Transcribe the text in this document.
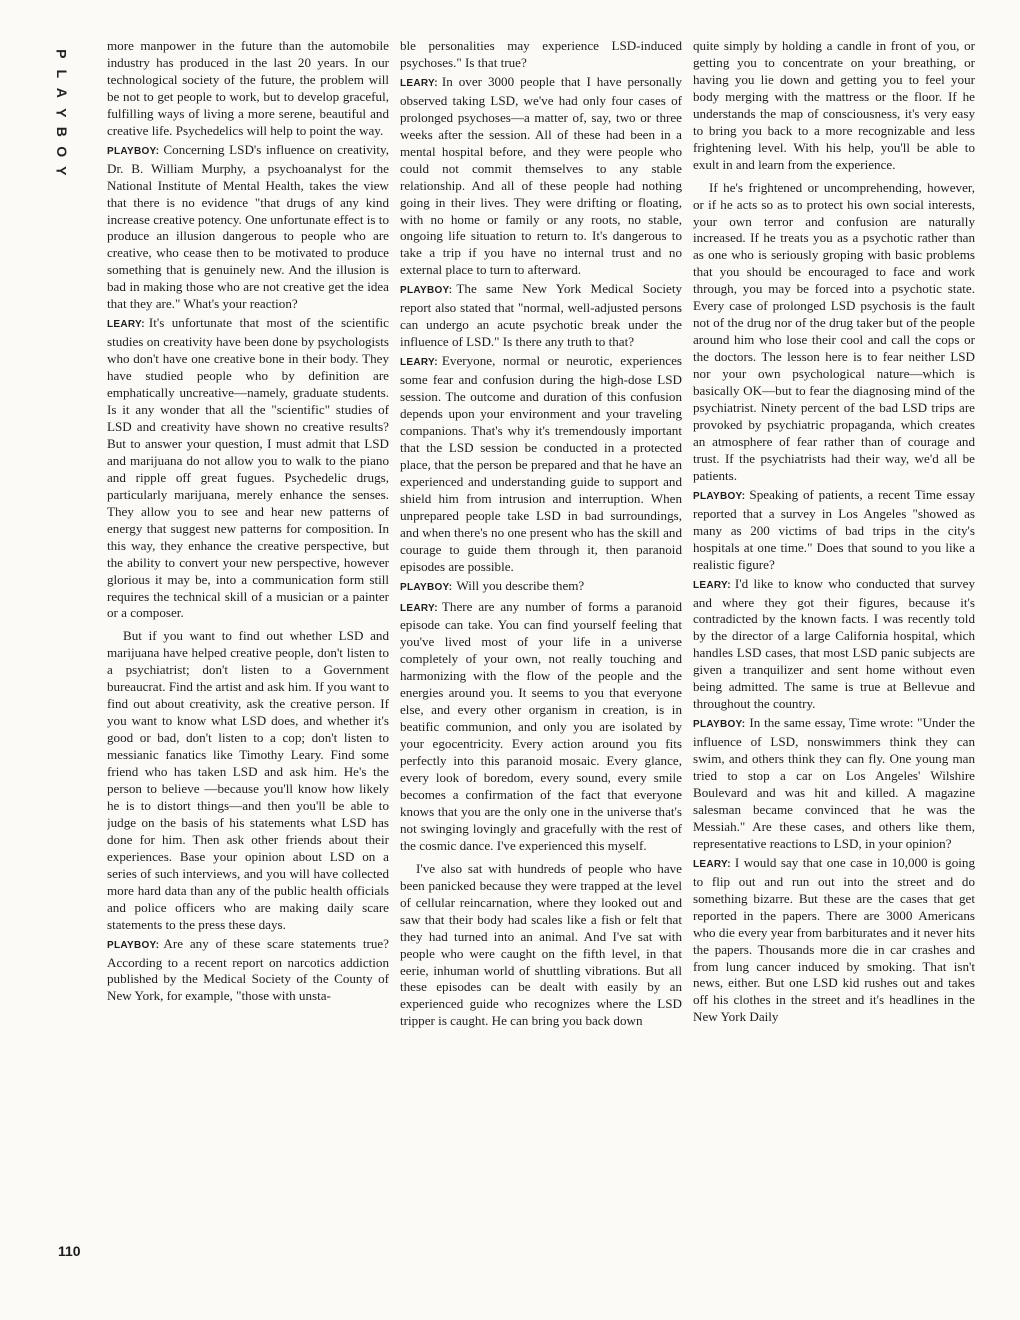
P
L
A
Y
B
O
Y
110

more manpower in the future than the automobile industry has produced in the last 20 years. In our technological society of the future, the problem will be not to get people to work, but to develop graceful, fulfilling ways of living a more serene, beautiful and creative life. Psychedelics will help to point the way.

PLAYBOY: Concerning LSD's influence on creativity, Dr. B. William Murphy, a psychoanalyst for the National Institute of Mental Health, takes the view that there is no evidence "that drugs of any kind increase creative potency. One unfortunate effect is to produce an illusion dangerous to people who are creative, who cease then to be motivated to produce something that is genuinely new. And the illusion is bad in making those who are not creative get the idea that they are." What's your reaction?

LEARY: It's unfortunate that most of the scientific studies on creativity have been done by psychologists who don't have one creative bone in their body. They have studied people who by definition are emphatically uncreative—namely, graduate students. Is it any wonder that all the "scientific" studies of LSD and creativity have shown no creative results? But to answer your question, I must admit that LSD and marijuana do not allow you to walk to the piano and ripple off great fugues. Psychedelic drugs, particularly marijuana, merely enhance the senses. They allow you to see and hear new patterns of energy that suggest new patterns for composition. In this way, they enhance the creative perspective, but the ability to convert your new perspective, however glorious it may be, into a communication form still requires the technical skill of a musician or a painter or a composer.

But if you want to find out whether LSD and marijuana have helped creative people, don't listen to a psychiatrist; don't listen to a Government bureaucrat. Find the artist and ask him. If you want to find out about creativity, ask the creative person. If you want to know what LSD does, and whether it's good or bad, don't listen to a cop; don't listen to messianic fanatics like Timothy Leary. Find some friend who has taken LSD and ask him. He's the person to believe —because you'll know how likely he is to distort things—and then you'll be able to judge on the basis of his statements what LSD has done for him. Then ask other friends about their experiences. Base your opinion about LSD on a series of such interviews, and you will have collected more hard data than any of the public health officials and police officers who are making daily scare statements to the press these days.

PLAYBOY: Are any of these scare statements true? According to a recent report on narcotics addiction published by the Medical Society of the County of New York, for example, "those with unsta-

ble personalities may experience LSD-induced psychoses." Is that true?

LEARY: In over 3000 people that I have personally observed taking LSD, we've had only four cases of prolonged psychoses—a matter of, say, two or three weeks after the session. All of these had been in a mental hospital before, and they were people who could not commit themselves to any stable relationship. And all of these people had nothing going in their lives. They were drifting or floating, with no home or family or any roots, no stable, ongoing life situation to return to. It's dangerous to take a trip if you have no internal trust and no external place to turn to afterward.

PLAYBOY: The same New York Medical Society report also stated that "normal, well-adjusted persons can undergo an acute psychotic break under the influence of LSD." Is there any truth to that?

LEARY: Everyone, normal or neurotic, experiences some fear and confusion during the high-dose LSD session. The outcome and duration of this confusion depends upon your environment and your traveling companions. That's why it's tremendously important that the LSD session be conducted in a protected place, that the person be prepared and that he have an experienced and understanding guide to support and shield him from intrusion and interruption. When unprepared people take LSD in bad surroundings, and when there's no one present who has the skill and courage to guide them through it, then paranoid episodes are possible.

PLAYBOY: Will you describe them?

LEARY: There are any number of forms a paranoid episode can take. You can find yourself feeling that you've lived most of your life in a universe completely of your own, not really touching and harmonizing with the flow of the people and the energies around you. It seems to you that everyone else, and every other organism in creation, is in beatific communion, and only you are isolated by your egocentricity. Every action around you fits perfectly into this paranoid mosaic. Every glance, every look of boredom, every sound, every smile becomes a confirmation of the fact that everyone knows that you are the only one in the universe that's not swinging lovingly and gracefully with the rest of the cosmic dance. I've experienced this myself.

I've also sat with hundreds of people who have been panicked because they were trapped at the level of cellular reincarnation, where they looked out and saw that their body had scales like a fish or felt that they had turned into an animal. And I've sat with people who were caught on the fifth level, in that eerie, inhuman world of shuttling vibrations. But all these episodes can be dealt with easily by an experienced guide who recognizes where the LSD tripper is caught. He can bring you back down

quite simply by holding a candle in front of you, or getting you to concentrate on your breathing, or having you lie down and getting you to feel your body merging with the mattress or the floor. If he understands the map of consciousness, it's very easy to bring you back to a more recognizable and less frightening level. With his help, you'll be able to exult in and learn from the experience.

If he's frightened or uncomprehending, however, or if he acts so as to protect his own social interests, your own terror and confusion are naturally increased. If he treats you as a psychotic rather than as one who is seriously groping with basic problems that you should be encouraged to face and work through, you may be forced into a psychotic state. Every case of prolonged LSD psychosis is the fault not of the drug nor of the drug taker but of the people around him who lose their cool and call the cops or the doctors. The lesson here is to fear neither LSD nor your own psychological nature—which is basically OK—but to fear the diagnosing mind of the psychiatrist. Ninety percent of the bad LSD trips are provoked by psychiatric propaganda, which creates an atmosphere of fear rather than of courage and trust. If the psychiatrists had their way, we'd all be patients.

PLAYBOY: Speaking of patients, a recent Time essay reported that a survey in Los Angeles "showed as many as 200 victims of bad trips in the city's hospitals at one time." Does that sound to you like a realistic figure?

LEARY: I'd like to know who conducted that survey and where they got their figures, because it's contradicted by the known facts. I was recently told by the director of a large California hospital, which handles LSD cases, that most LSD panic subjects are given a tranquilizer and sent home without even being admitted. The same is true at Bellevue and throughout the country.

PLAYBOY: In the same essay, Time wrote: "Under the influence of LSD, nonswimmers think they can swim, and others think they can fly. One young man tried to stop a car on Los Angeles' Wilshire Boulevard and was hit and killed. A magazine salesman became convinced that he was the Messiah." Are these cases, and others like them, representative reactions to LSD, in your opinion?

LEARY: I would say that one case in 10,000 is going to flip out and run out into the street and do something bizarre. But these are the cases that get reported in the papers. There are 3000 Americans who die every year from barbiturates and it never hits the papers. Thousands more die in car crashes and from lung cancer induced by smoking. That isn't news, either. But one LSD kid rushes out and takes off his clothes in the street and it's headlines in the New York Daily
